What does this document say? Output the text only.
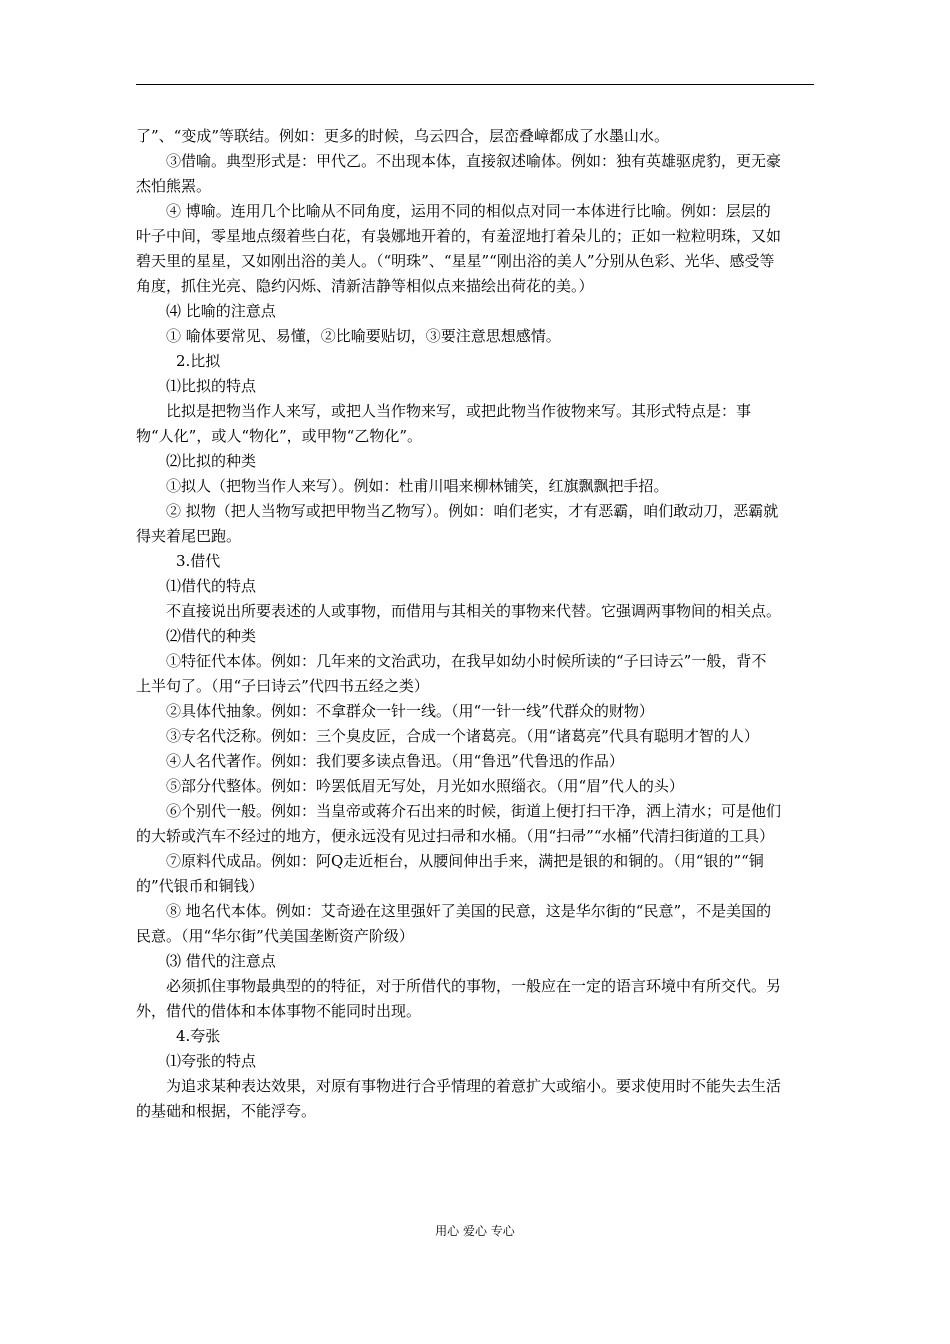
了”、“变成”等联结。例如：更多的时候，乌云四合，层峦叠嶂都成了水墨山水。

③借喻。典型形式是：甲代乙。不出现本体，直接叙述喻体。例如：独有英雄驱虎豹，更无豪杰怕熊罴。

④ 博喻。连用几个比喻从不同角度，运用不同的相似点对同一本体进行比喻。例如：层层的叶子中间，零星地点缀着些白花，有袅娜地开着的，有羞涩地打着朵儿的；正如一粒粒明珠，又如碧天里的星星，又如刚出浴的美人。（“明珠”、“星星”“刚出浴的美人”分别从色彩、光华、感受等角度，抓住光亮、隐约闪烁、清新洁静等相似点来描绘出荷花的美。）

⑷ 比喻的注意点

① 喻体要常见、易懂，②比喻要贴切，③要注意思想感情。

2.比拟

⑴比拟的特点

比拟是把物当作人来写，或把人当作物来写，或把此物当作彼物来写。其形式特点是：事物“人化”，或人“物化”，或甲物“乙物化”。

⑵比拟的种类

①拟人（把物当作人来写）。例如：杜甫川唱来柳林铺笑，红旗飘飘把手招。

② 拟物（把人当物写或把甲物当乙物写）。例如：咱们老实，才有恶霸，咱们敢动刀，恶霸就得夹着尾巴跑。

3.借代

⑴借代的特点

不直接说出所要表述的人或事物，而借用与其相关的事物来代替。它强调两事物间的相关点。

⑵借代的种类

①特征代本体。例如：几年来的文治武功，在我早如幼小时候所读的“子曰诗云”一般，背不上半句了。（用“子曰诗云”代四书五经之类）

②具体代抽象。例如：不拿群众一针一线。（用“一针一线”代群众的财物）

③专名代泛称。例如：三个臭皮匠，合成一个诸葛亮。（用“诸葛亮”代具有聪明才智的人）

④人名代著作。例如：我们要多读点鲁迅。（用“鲁迅”代鲁迅的作品）

⑤部分代整体。例如：吟罢低眉无写处，月光如水照缁衣。（用“眉”代人的头）

⑥个别代一般。例如：当皇帝或蒋介石出来的时候，街道上便打扫干净，洒上清水；可是他们的大轿或汽车不经过的地方，便永远没有见过扫帚和水桶。（用“扫帚”“水桶”代清扫街道的工具）

⑦原料代成品。例如：阿Q走近柜台，从腰间伸出手来，满把是银的和铜的。（用“银的”“铜的”代银币和铜钱）

⑧ 地名代本体。例如：艾奇逊在这里强奸了美国的民意，这是华尔街的“民意”，不是美国的民意。（用“华尔街”代美国垄断资产阶级）

⑶ 借代的注意点

必须抓住事物最典型的的特征，对于所借代的事物，一般应在一定的语言环境中有所交代。另外，借代的借体和本体事物不能同时出现。

4.夸张

⑴夸张的特点

为追求某种表达效果，对原有事物进行合乎情理的着意扩大或缩小。要求使用时不能失去生活的基础和根据，不能浮夸。

用心 爱心 专心
